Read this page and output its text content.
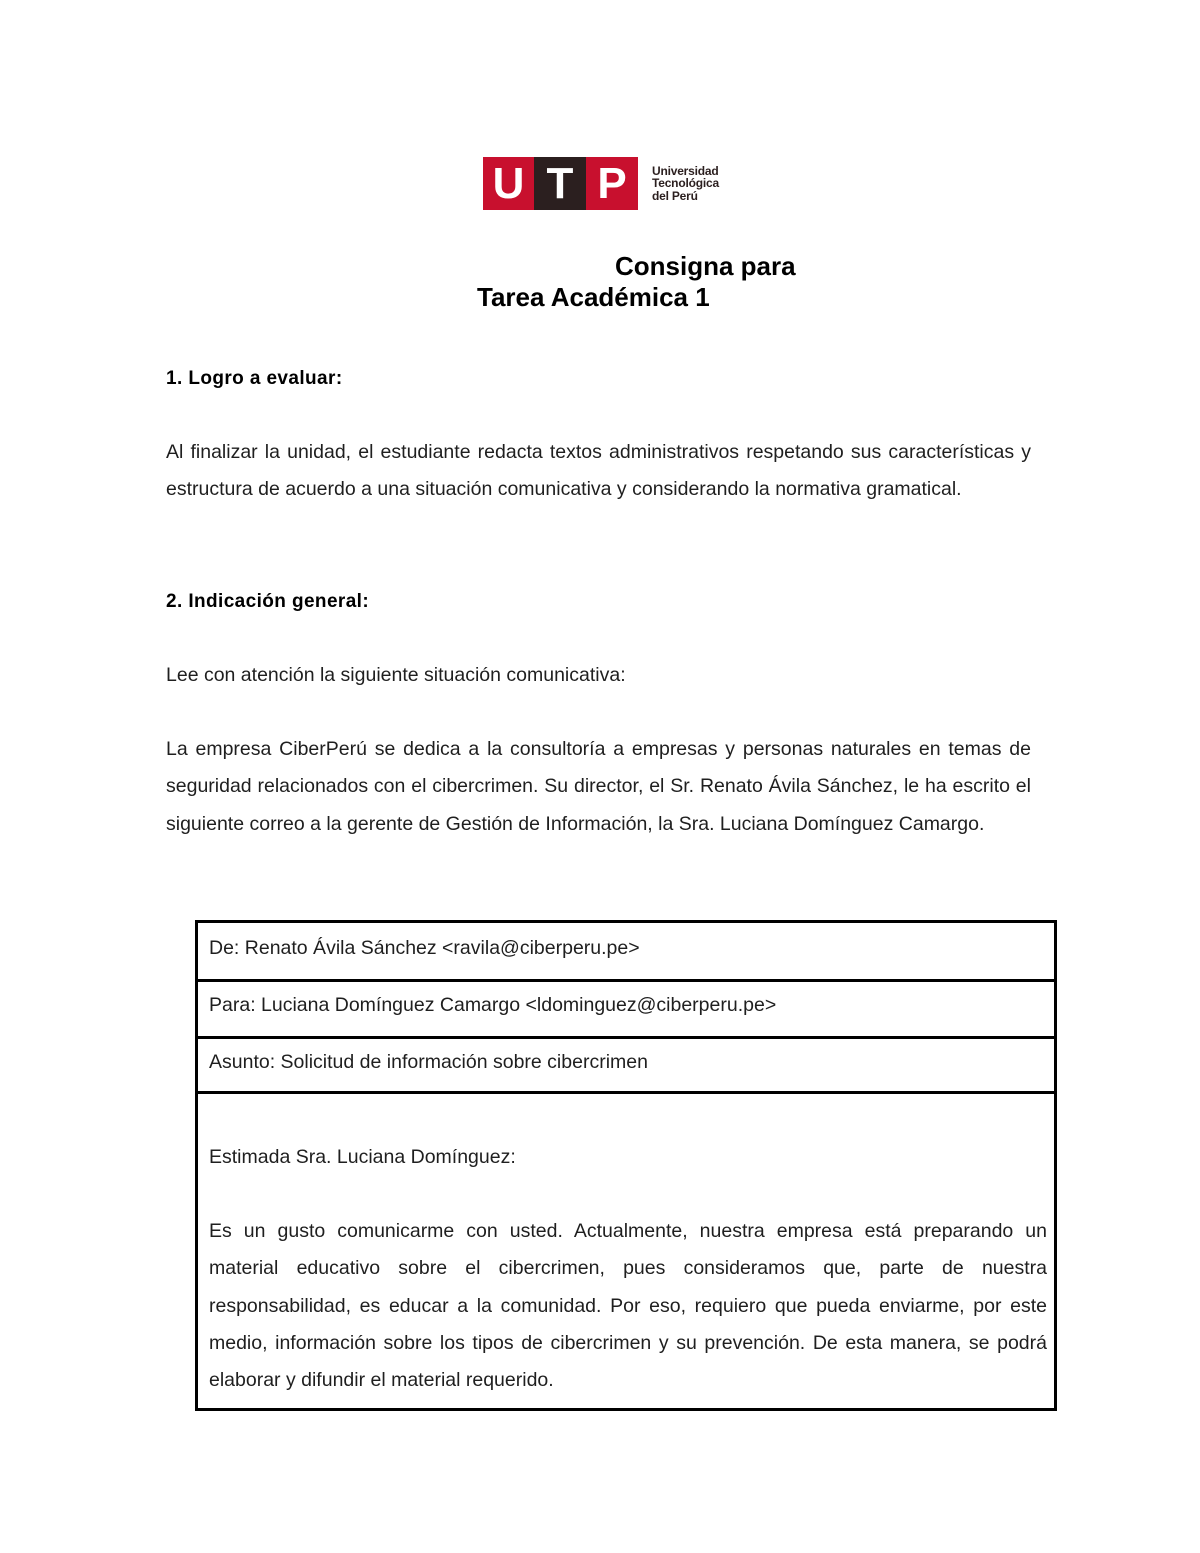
U T P	Universidad
Tecnológica
del Perú
Consigna para
Tarea Académica 1
1. Logro a evaluar:
Al finalizar la unidad, el estudiante redacta textos administrativos respetando sus características y estructura de acuerdo a una situación comunicativa y considerando la normativa gramatical.
2. Indicación general:
Lee con atención la siguiente situación comunicativa:
La empresa CiberPerú se dedica a la consultoría a empresas y personas naturales en temas de seguridad relacionados con el cibercrimen. Su director, el Sr. Renato Ávila Sánchez, le ha escrito el siguiente correo a la gerente de Gestión de Información, la Sra. Luciana Domínguez Camargo.
De: Renato Ávila Sánchez <ravila@ciberperu.pe>
Para: Luciana Domínguez Camargo <ldominguez@ciberperu.pe>
Asunto: Solicitud de información sobre cibercrimen
Estimada Sra. Luciana Domínguez:
Es un gusto comunicarme con usted. Actualmente, nuestra empresa está preparando un material educativo sobre el cibercrimen, pues consideramos que, parte de nuestra responsabilidad, es educar a la comunidad. Por eso, requiero que pueda enviarme, por este medio, información sobre los tipos de cibercrimen y su prevención. De esta manera, se podrá elaborar y difundir el material requerido.
